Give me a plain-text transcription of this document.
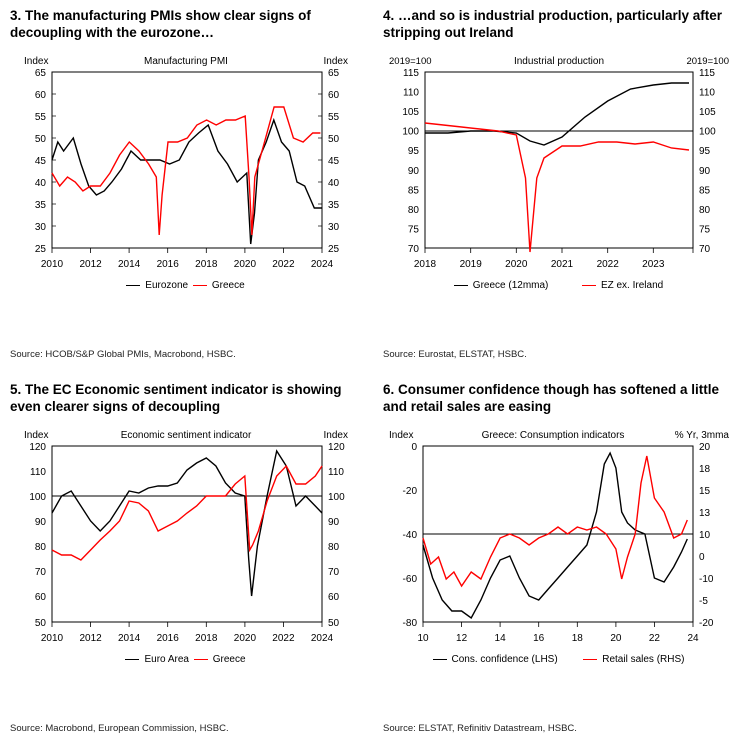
3. The manufacturing PMIs show clear signs of decoupling with the eurozone…
Index	Manufacturing PMI	Index
65	65
60	60
55	55
50	50
45	45
40	40
35	35
30	30
25	25
2010 2012 2014 2016 2018 2020 2022 2024
Eurozone Greece
Source: HCOB/S&P Global PMIs, Macrobond, HSBC.
4. …and so is industrial production, particularly after stripping out Ireland
2019=100	Industrial production	2019=100
115	115
110	110
105	105
100	100
95	95
90	90
85	85
80	80
75	75
70	70
2018 2019 2020 2021 2022 2023
Greece (12mma)	EZ ex. Ireland
Source: Eurostat, ELSTAT, HSBC.
5. The EC Economic sentiment indicator is showing even clearer signs of decoupling
Index	Economic sentiment indicator	Index
120	120
110	110
100	100
90	90
80	80
70	70
60	60
50	50
2010 2012 2014 2016 2018 2020 2022 2024
Euro Area Greece
Source: Macrobond, European Commission, HSBC.
6. Consumer confidence though has softened a little and retail sales are easing
Index	Greece: Consumption indicators	% Yr, 3mma
0	20
-20	15
-40	10
-60	-10
-80	-20
18
13
0
-5
10	12	14	16	18	20	22	24
Cons. confidence (LHS)	Retail sales (RHS)
Source: ELSTAT, Refinitiv Datastream, HSBC.
